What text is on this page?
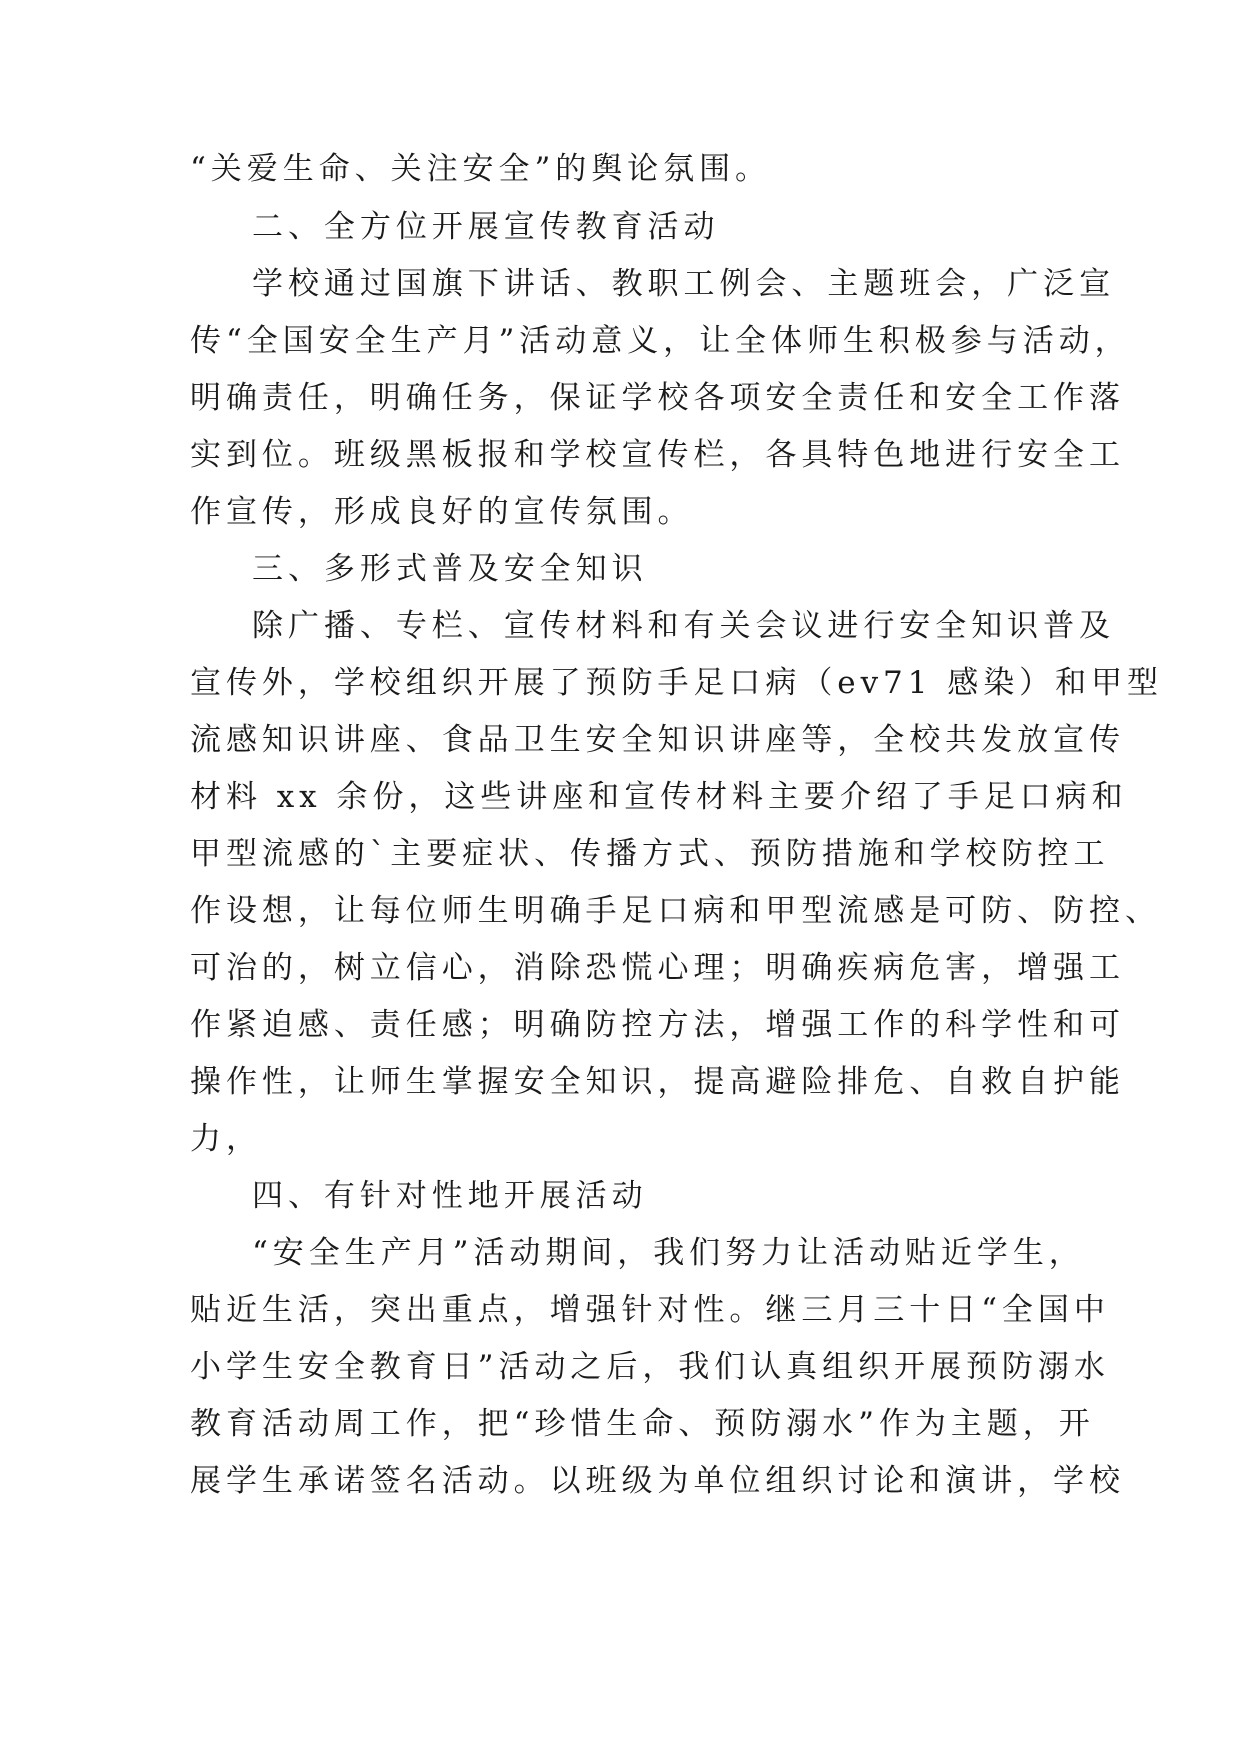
“关爱生命、关注安全”的舆论氛围。
二、全方位开展宣传教育活动
学校通过国旗下讲话、教职工例会、主题班会，广泛宣
传“全国安全生产月”活动意义，让全体师生积极参与活动，
明确责任，明确任务，保证学校各项安全责任和安全工作落
实到位。班级黑板报和学校宣传栏，各具特色地进行安全工
作宣传，形成良好的宣传氛围。
三、多形式普及安全知识
除广播、专栏、宣传材料和有关会议进行安全知识普及
宣传外，学校组织开展了预防手足口病（ev71 感染）和甲型
流感知识讲座、食品卫生安全知识讲座等，全校共发放宣传
材料 xx 余份，这些讲座和宣传材料主要介绍了手足口病和
甲型流感的`主要症状、传播方式、预防措施和学校防控工
作设想，让每位师生明确手足口病和甲型流感是可防、防控、
可治的，树立信心，消除恐慌心理；明确疾病危害，增强工
作紧迫感、责任感；明确防控方法，增强工作的科学性和可
操作性，让师生掌握安全知识，提高避险排危、自救自护能
力，
四、有针对性地开展活动
“安全生产月”活动期间，我们努力让活动贴近学生，
贴近生活，突出重点，增强针对性。继三月三十日“全国中
小学生安全教育日”活动之后，我们认真组织开展预防溺水
教育活动周工作，把“珍惜生命、预防溺水”作为主题，开
展学生承诺签名活动。以班级为单位组织讨论和演讲，学校
